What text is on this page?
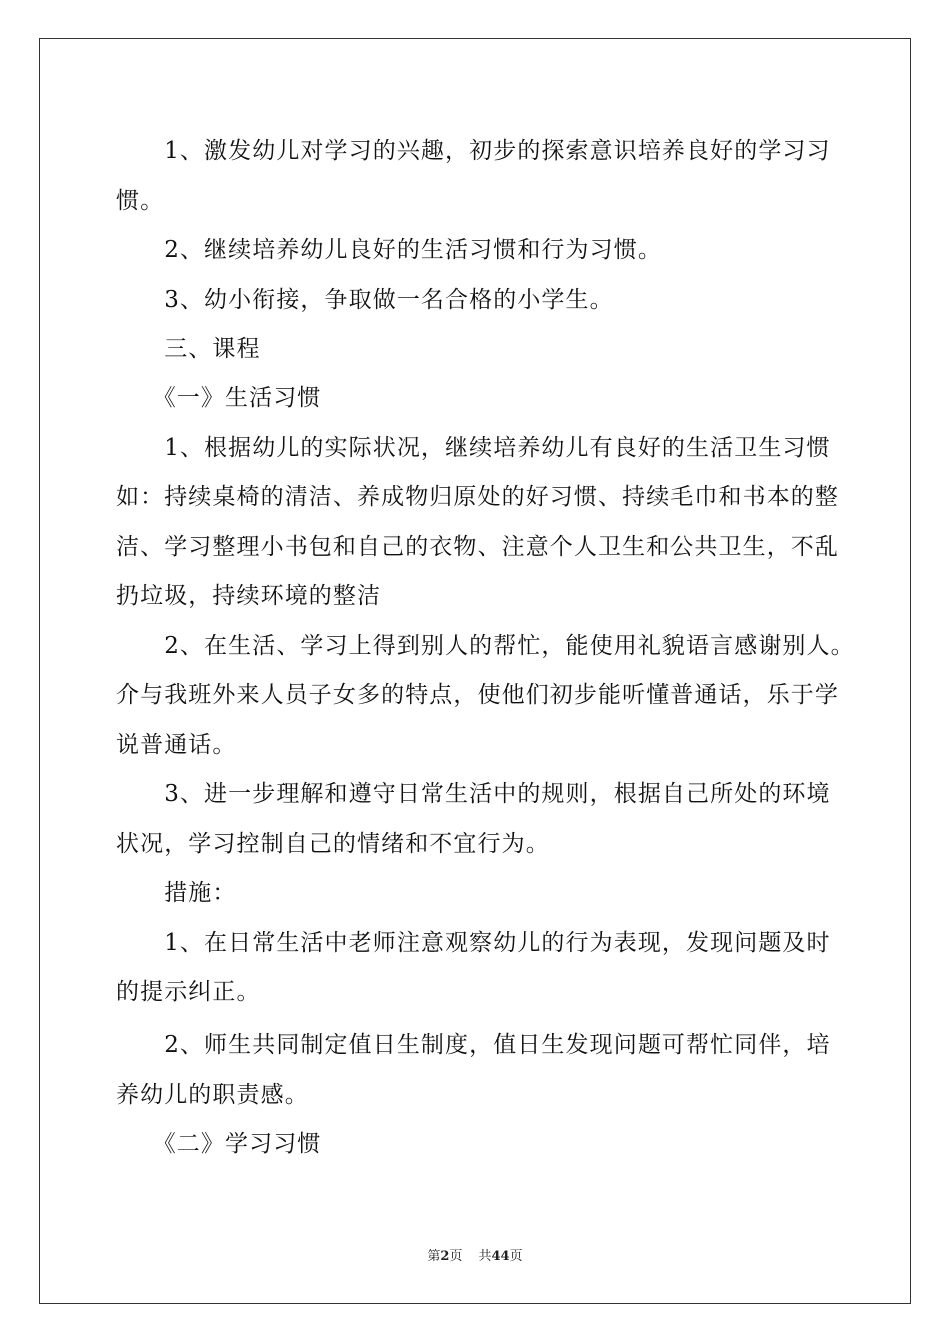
　　1、激发幼儿对学习的兴趣，初步的探索意识培养良好的学习习
惯。
　　2、继续培养幼儿良好的生活习惯和行为习惯。
　　3、幼小衔接，争取做一名合格的小学生。
　　三、课程
　　《一》生活习惯
　　1、根据幼儿的实际状况，继续培养幼儿有良好的生活卫生习惯
如：持续桌椅的清洁、养成物归原处的好习惯、持续毛巾和书本的整
洁、学习整理小书包和自己的衣物、注意个人卫生和公共卫生，不乱
扔垃圾，持续环境的整洁
　　2、在生活、学习上得到别人的帮忙，能使用礼貌语言感谢别人。
介与我班外来人员子女多的特点，使他们初步能听懂普通话，乐于学
说普通话。
　　3、进一步理解和遵守日常生活中的规则，根据自己所处的环境
状况，学习控制自己的情绪和不宜行为。
　　措施：
　　1、在日常生活中老师注意观察幼儿的行为表现，发现问题及时
的提示纠正。
　　2、师生共同制定值日生制度，值日生发现问题可帮忙同伴，培
养幼儿的职责感。
　　《二》学习习惯
第2页 共44页
